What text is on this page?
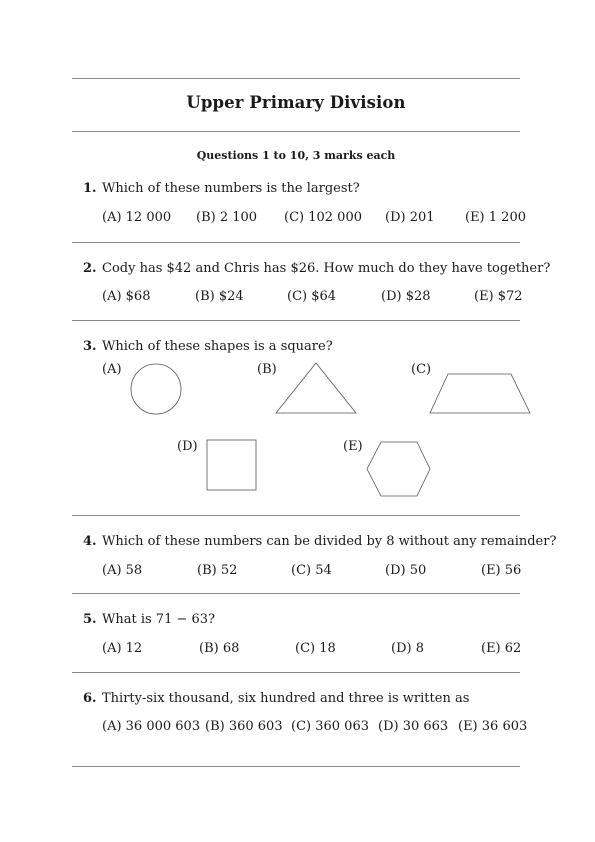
Upper Primary Division
Questions 1 to 10, 3 marks each
1. Which of these numbers is the largest?
(A) 12 000 (B) 2 100 (C) 102 000 (D) 201 (E) 1 200
2. Cody has $42 and Chris has $26. How much do they have together?
(A) $68	(B) $24	(C) $64	(D) $28	(E) $72
3. Which of these shapes is a square?
(A)	(B)	(C)
(D)	(E)
4. Which of these numbers can be divided by 8 without any remainder?
(A) 58	(B) 52	(C) 54	(D) 50	(E) 56
5. What is 71 − 63?
(A) 12	(B) 68	(C) 18	(D) 8	(E) 62
6. Thirty-six thousand, six hundred and three is written as
(A) 36 000 603 (B) 360 603 (C) 360 063 (D) 30 663 (E) 36 603
